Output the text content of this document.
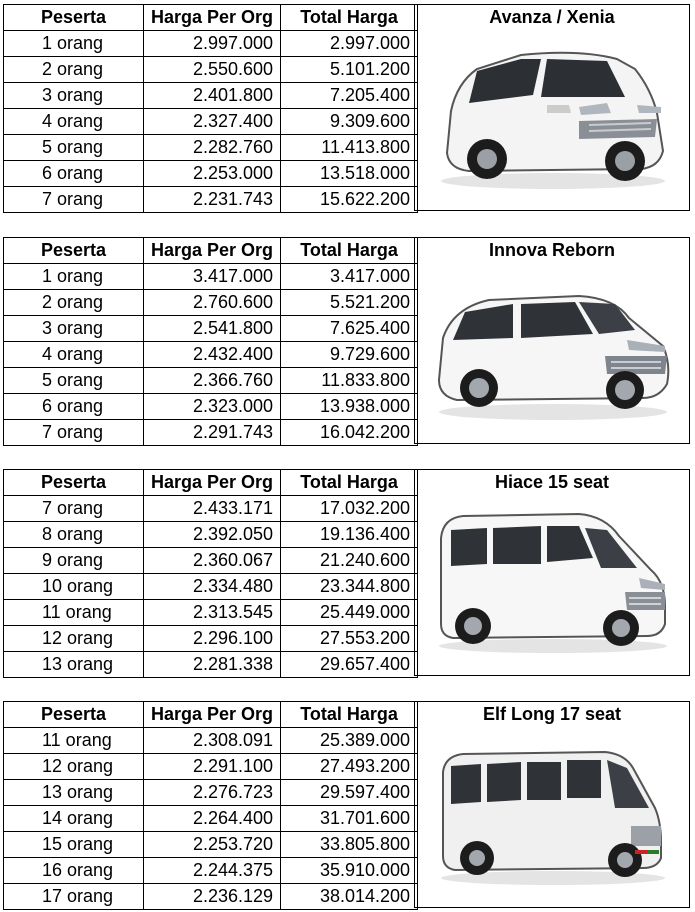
Peserta	Harga Per Org	Total Harga
1 orang	2.997.000	2.997.000
2 orang	2.550.600	5.101.200
3 orang	2.401.800	7.205.400
4 orang	2.327.400	9.309.600
5 orang	2.282.760	11.413.800
6 orang	2.253.000	13.518.000
7 orang	2.231.743	15.622.200
Avanza / Xenia
Peserta	Harga Per Org	Total Harga
1 orang	3.417.000	3.417.000
2 orang	2.760.600	5.521.200
3 orang	2.541.800	7.625.400
4 orang	2.432.400	9.729.600
5 orang	2.366.760	11.833.800
6 orang	2.323.000	13.938.000
7 orang	2.291.743	16.042.200
Innova Reborn
Peserta	Harga Per Org	Total Harga
7 orang	2.433.171	17.032.200
8 orang	2.392.050	19.136.400
9 orang	2.360.067	21.240.600
10 orang	2.334.480	23.344.800
11 orang	2.313.545	25.449.000
12 orang	2.296.100	27.553.200
13 orang	2.281.338	29.657.400
Hiace 15 seat
Peserta	Harga Per Org	Total Harga
11 orang	2.308.091	25.389.000
12 orang	2.291.100	27.493.200
13 orang	2.276.723	29.597.400
14 orang	2.264.400	31.701.600
15 orang	2.253.720	33.805.800
16 orang	2.244.375	35.910.000
17 orang	2.236.129	38.014.200
Elf Long 17 seat
